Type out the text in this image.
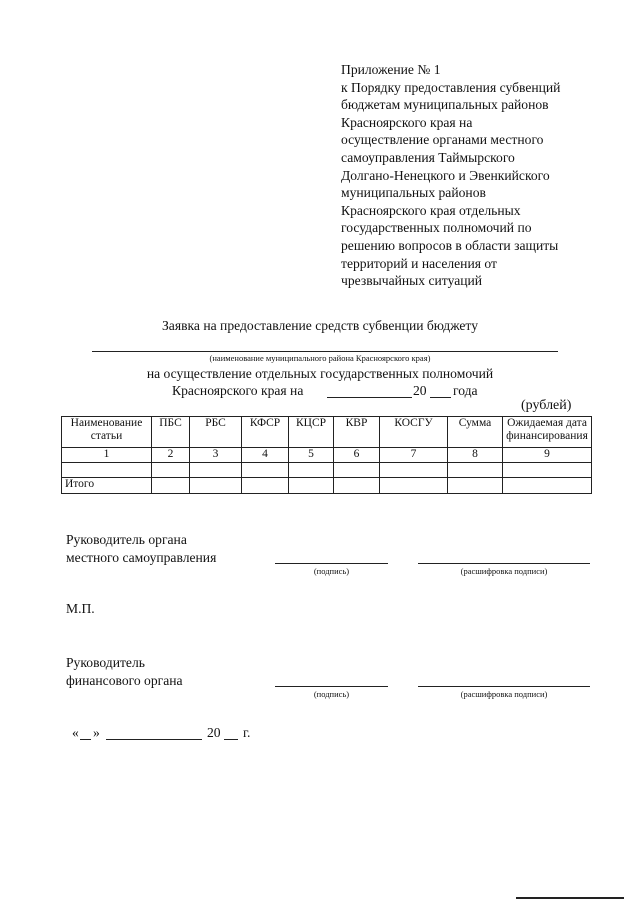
Приложение № 1
к Порядку предоставления субвенций
бюджетам муниципальных районов
Красноярского края на
осуществление органами местного
самоуправления Таймырского
Долгано-Ненецкого и Эвенкийского
муниципальных районов
Красноярского края отдельных
государственных полномочий по
решению вопросов в области защиты
территорий и населения от
чрезвычайных ситуаций
Заявка на предоставление средств субвенции бюджету
(наименование муниципального района Красноярского края)
на осуществление отдельных государственных полномочий
Красноярского края на	20 года
(рублей)
Наименование статьи	ПБС	РБС	КФСР	КЦСР	КВР	КОСГУ	Сумма	Ожидаемая дата финансирования
1	2	3	4	5	6	7	8	9

Итого								
Руководитель органа
местного самоуправления
(подпись)	(расшифровка подписи)
М.П.
Руководитель
финансового органа
(подпись)	(расшифровка подписи)
« »	20 г.
